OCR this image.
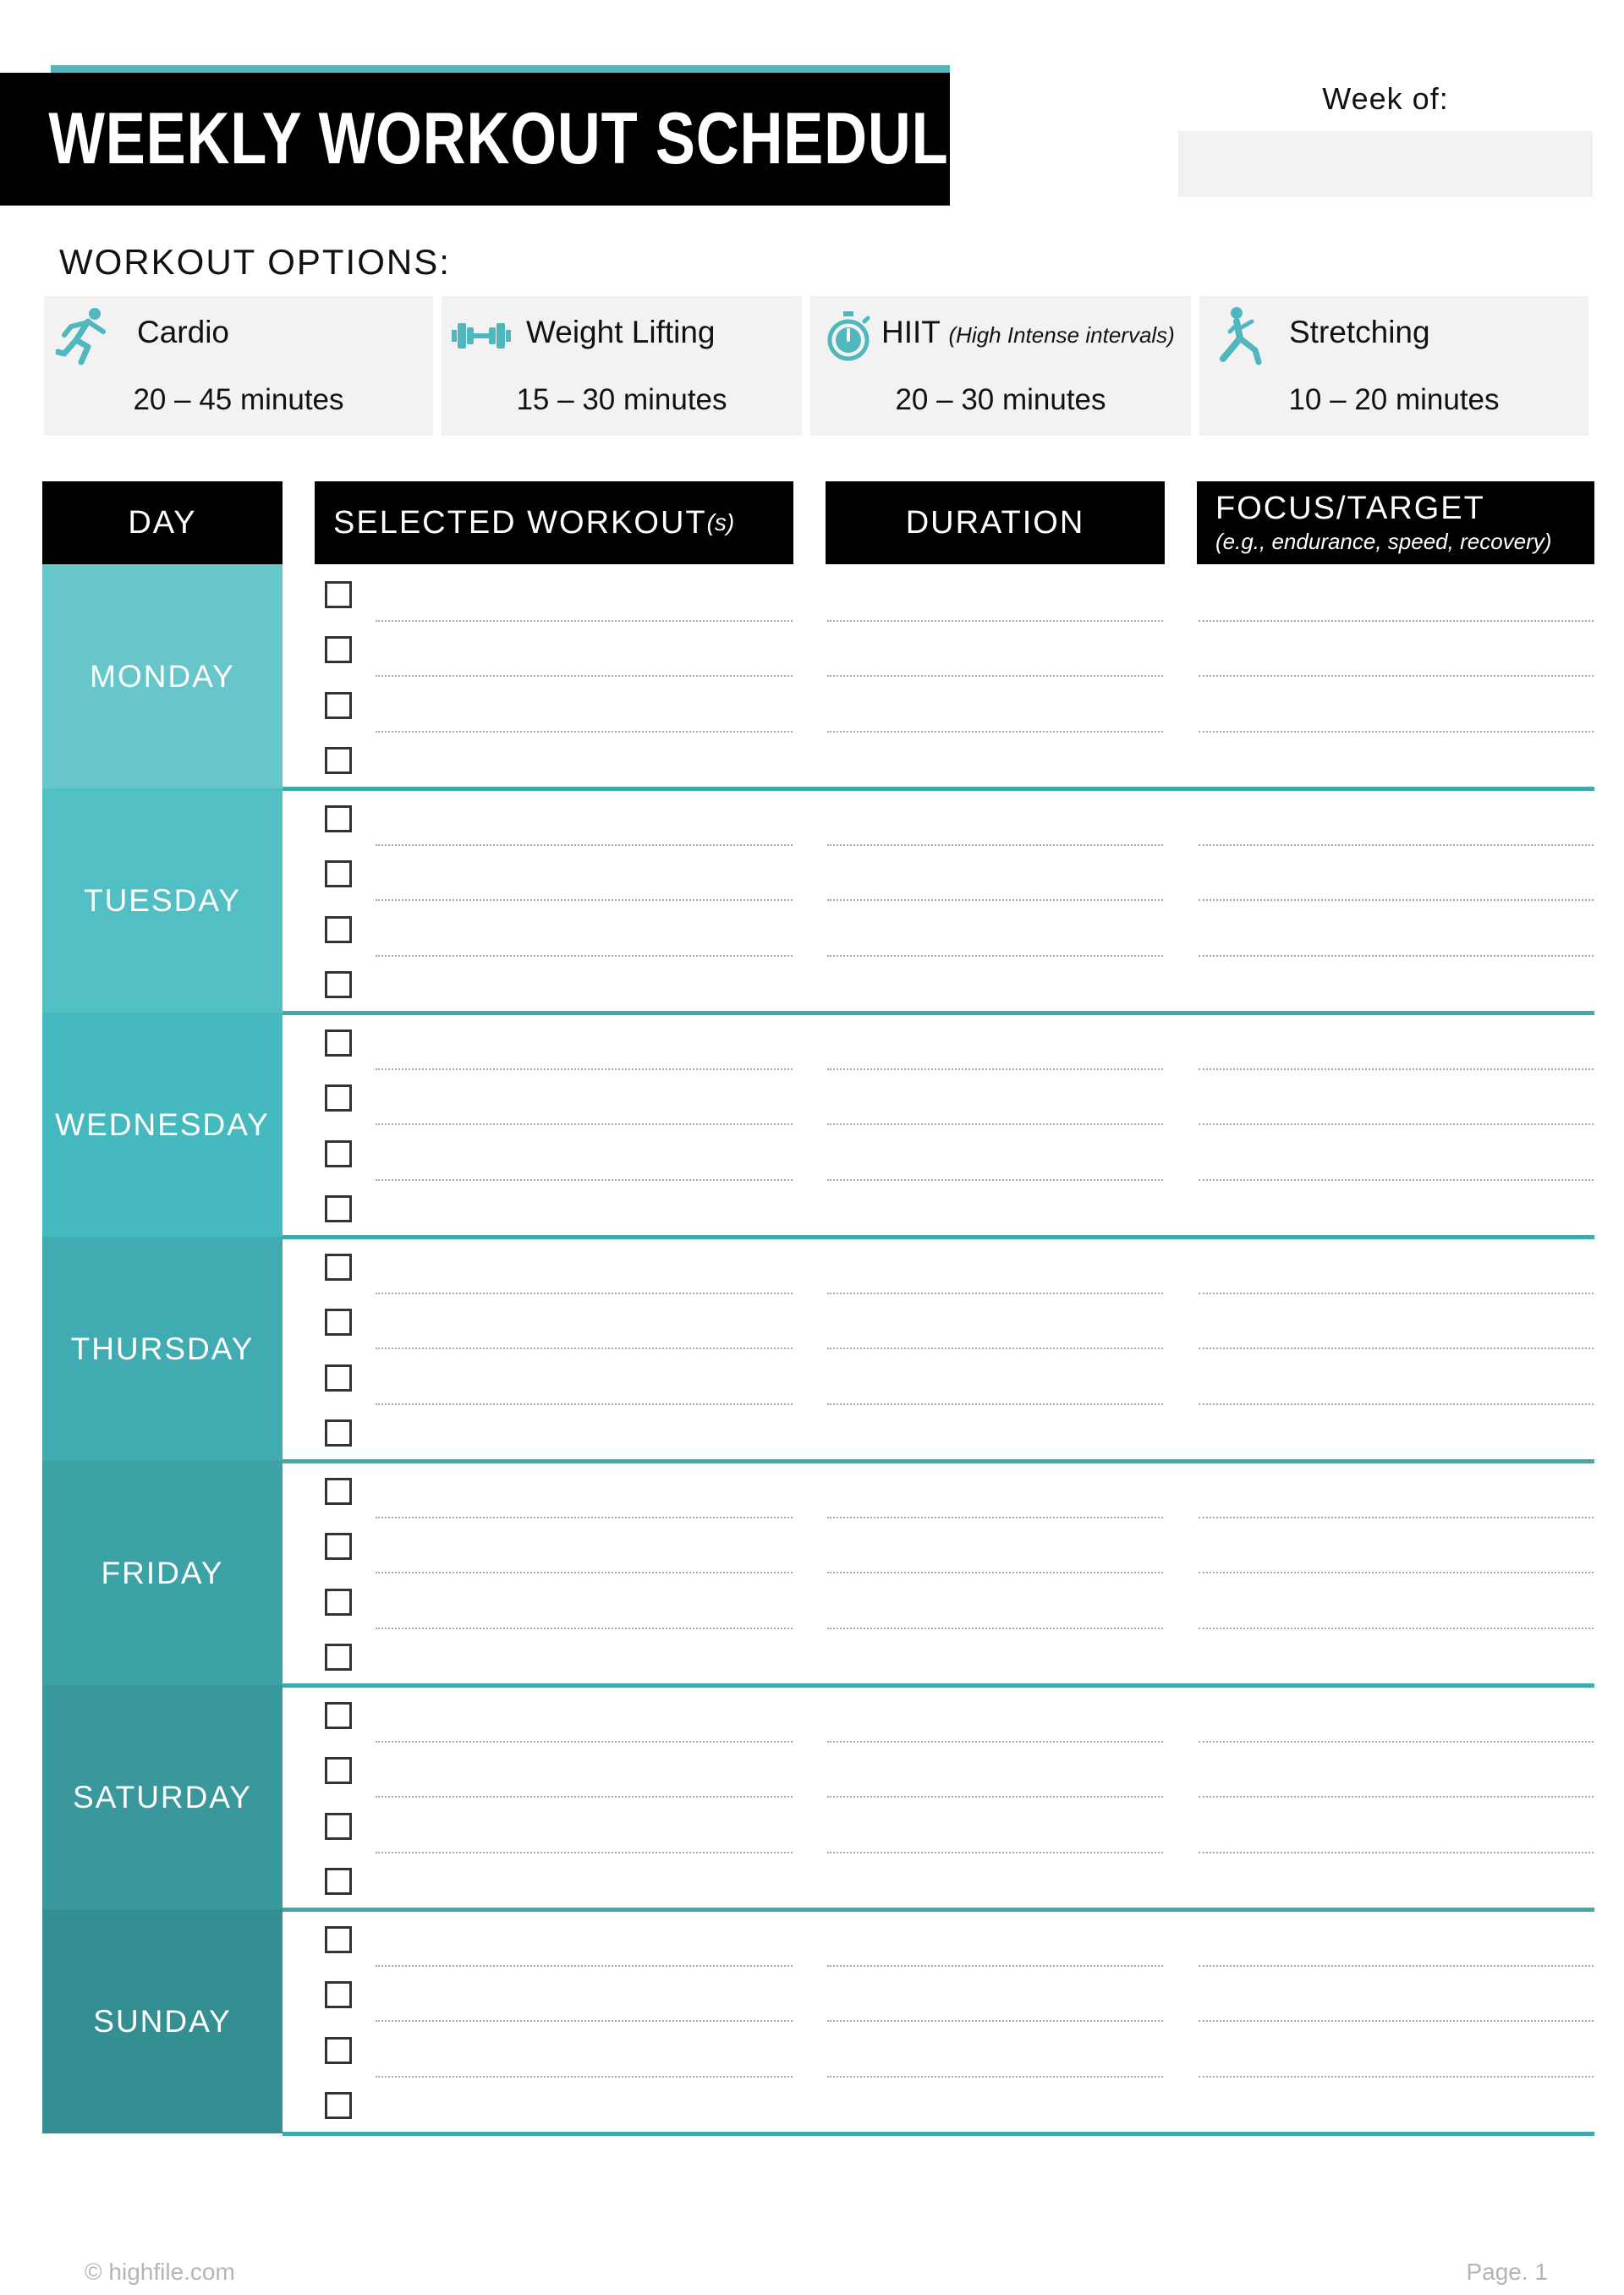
WEEKLY WORKOUT SCHEDULE	Week of:
WORKOUT OPTIONS:
Cardio
20 – 45 minutes
Weight Lifting
15 – 30 minutes
HIIT (High Intense intervals)
20 – 30 minutes
Stretching
10 – 20 minutes
DAY	SELECTED WORKOUT (s)	DURATION	FOCUS/TARGET
(e.g., endurance, speed, recovery)
MONDAY
TUESDAY
WEDNESDAY
THURSDAY
FRIDAY
SATURDAY
SUNDAY
© highfile.com	Page. 1
